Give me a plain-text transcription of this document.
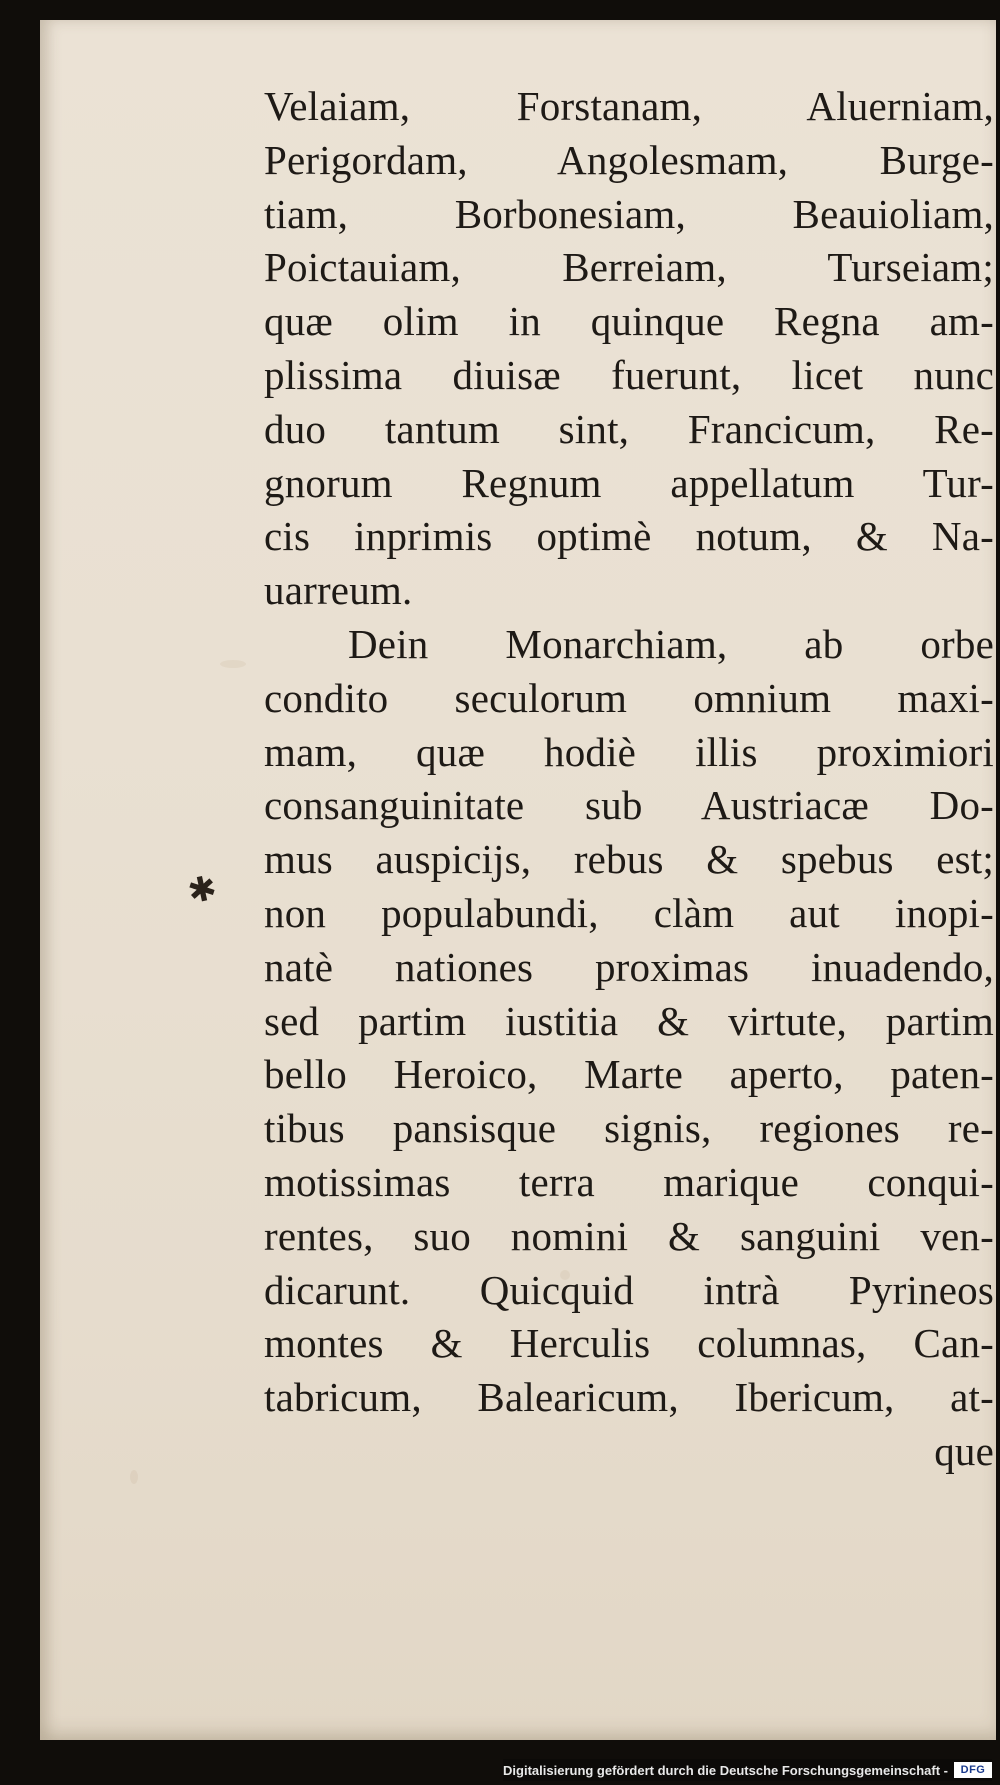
✱
Velaiam, Forstanam, Aluerniam,
Perigordam, Angolesmam, Burge-
tiam, Borbonesiam, Beauioliam,
Poictauiam, Berreiam, Turseiam;
quæ olim in quinque Regna am-
plissima diuisæ fuerunt, licet nunc
duo tantum sint, Francicum, Re-
gnorum Regnum appellatum Tur-
cis inprimis optimè notum, & Na-
uarreum.
Dein Monarchiam, ab orbe
condito seculorum omnium maxi-
mam, quæ hodiè illis proximiori
consanguinitate sub Austriacæ Do-
mus auspicijs, rebus & spebus est;
non populabundi, clàm aut inopi-
natè nationes proximas inuadendo,
sed partim iustitia & virtute, partim
bello Heroico, Marte aperto, paten-
tibus pansisque signis, regiones re-
motissimas terra marique conqui-
rentes, suo nomini & sanguini ven-
dicarunt. Quicquid intrà Pyrineos
montes & Herculis columnas, Can-
tabricum, Balearicum, Ibericum, at-
que
Digitalisierung gefördert durch die Deutsche Forschungsgemeinschaft -	DFG
